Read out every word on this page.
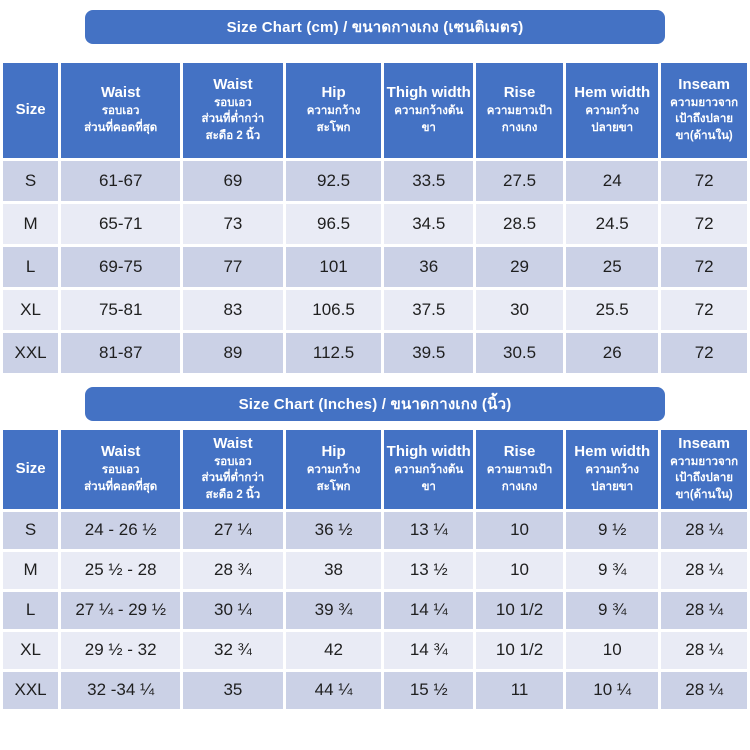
Size Chart (cm) / ขนาดกางเกง (เซนติเมตร)
Size

Waist
รอบเอว
ส่วนที่คอดที่สุด

Waist
รอบเอว
ส่วนที่ต่ำกว่า
สะดือ 2 นิ้ว

Hip
ความกว้าง
สะโพก

Thigh width
ความกว้างต้น
ขา

Rise
ความยาวเป้า
กางเกง

Hem width
ความกว้าง
ปลายขา

Inseam
ความยาวจาก
เป้าถึงปลาย
ขา(ด้านใน)

S	61-67	69	92.5	33.5	27.5	24	72
M	65-71	73	96.5	34.5	28.5	24.5	72
L	69-75	77	101	36	29	25	72
XL	75-81	83	106.5	37.5	30	25.5	72
XXL	81-87	89	112.5	39.5	30.5	26	72
Size Chart (Inches) / ขนาดกางเกง (นิ้ว)
Size

Waist
รอบเอว
ส่วนที่คอดที่สุด

Waist
รอบเอว
ส่วนที่ต่ำกว่า
สะดือ 2 นิ้ว

Hip
ความกว้าง
สะโพก

Thigh width
ความกว้างต้น
ขา

Rise
ความยาวเป้า
กางเกง

Hem width
ความกว้าง
ปลายขา

Inseam
ความยาวจาก
เป้าถึงปลาย
ขา(ด้านใน)

S	24 - 26 ½	27 ¼	36 ½	13 ¼	10	9 ½	28 ¼
M	25 ½ - 28	28 ¾	38	13 ½	10	9 ¾	28 ¼
L	27 ¼ - 29 ½	30 ¼	39 ¾	14 ¼	10 1/2	9 ¾	28 ¼
XL	29 ½ - 32	32 ¾	42	14 ¾	10 1/2	10	28 ¼
XXL	32 -34 ¼	35	44 ¼	15 ½	11	10 ¼	28 ¼
